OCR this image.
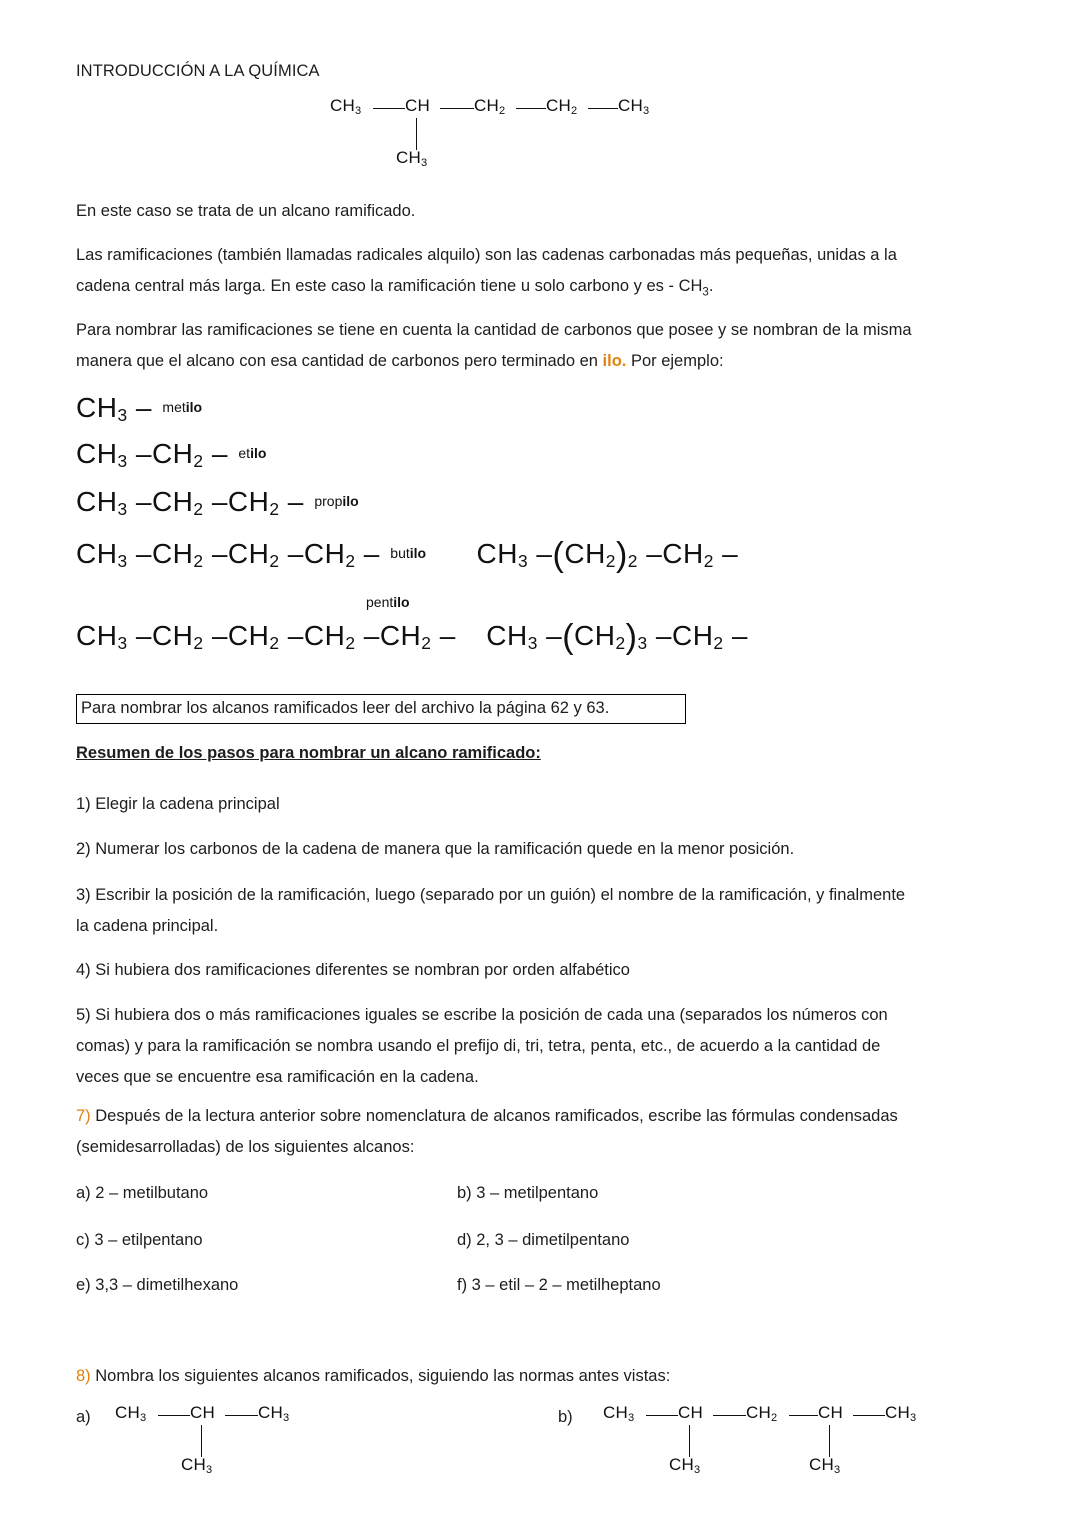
INTRODUCCIÓN A LA QUÍMICA
$CH_3$	CH	$CH_2$ $CH_2$ $CH_3$
$CH_3$
En este caso se trata de un alcano ramificado.
Las ramificaciones (también llamadas radicales alquilo) son las cadenas carbonadas más pequeñas, unidas a la
cadena central más larga. En este caso la ramificación tiene u solo carbono y es - $CH_3$.
Para nombrar las ramificaciones se tiene en cuenta la cantidad de carbonos que posee y se nombran de la misma
manera que el alcano con esa cantidad de carbonos pero terminado en ilo. Por ejemplo:
$CH_3$ – metilo
$CH_3$ $-CH_2$ – etilo
$CH_3$ $-CH_2$ $-CH_2$ – propilo
$CH_3$ $-CH_2$ $-CH_2$ $-CH_2$ – butilo $CH_3$ $-(CH_2)_2$ $-CH_2$ –
pentilo
$CH_3$ $-CH_2$ $-CH_2$ $-CH_2$ $-CH_2 - CH_3$ $-(CH_2)_3$ $-CH_2$ –
Para nombrar los alcanos ramificados leer del archivo la página 62 y 63.
Resumen de los pasos para nombrar un alcano ramificado:
1) Elegir la cadena principal
2) Numerar los carbonos de la cadena de manera que la ramificación quede en la menor posición.
3) Escribir la posición de la ramificación, luego (separado por un guión) el nombre de la ramificación, y finalmente
la cadena principal.
4) Si hubiera dos ramificaciones diferentes se nombran por orden alfabético
5) Si hubiera dos o más ramificaciones iguales se escribe la posición de cada una (separados los números con
comas) y para la ramificación se nombra usando el prefijo di, tri, tetra, penta, etc., de acuerdo a la cantidad de
veces que se encuentre esa ramificación en la cadena.
7) Después de la lectura anterior sobre nomenclatura de alcanos ramificados, escribe las fórmulas condensadas
(semidesarrolladas) de los siguientes alcanos:
a) 2 – metilbutano	b) 3 – metilpentano
c) 3 – etilpentano	d) 2, 3 – dimetilpentano
e) 3,3 – dimetilhexano	f) 3 – etil – 2 – metilheptano
8) Nombra los siguientes alcanos ramificados, siguiendo las normas antes vistas:
a) $CH_3$	CH	$CH_3$
$CH_3$
b) $CH_3$	CH	$CH_2$ CH $CH_3$
$CH_3$	$CH_3$
